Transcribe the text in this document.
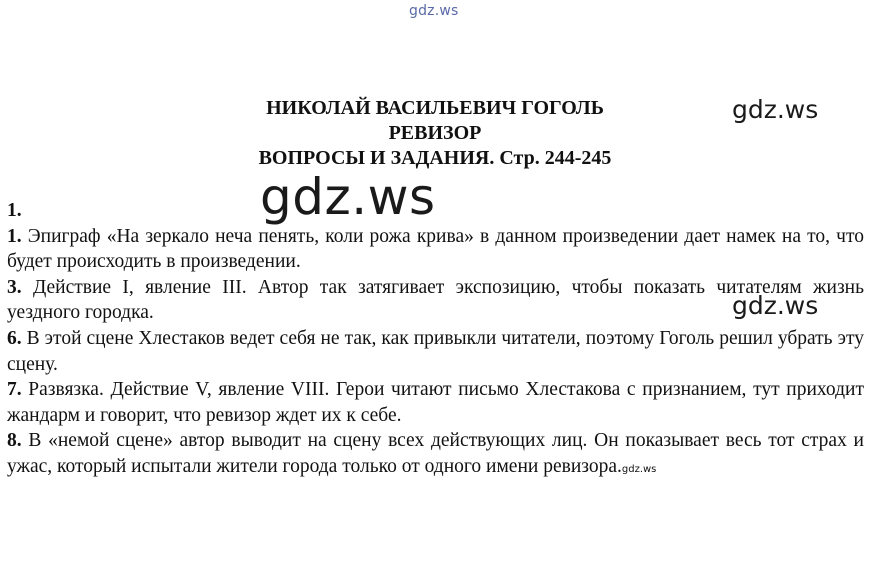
gdz.ws
gdz.ws
gdz.ws
gdz.ws
НИКОЛАЙ ВАСИЛЬЕВИЧ ГОГОЛЬ
РЕВИЗОР
ВОПРОСЫ И ЗАДАНИЯ. Стр. 244-245

1.

1. Эпиграф «На зеркало неча пенять, коли рожа крива» в данном произведении дает намек на то, что будет происходить в произведении.

3. Действие I, явление III. Автор так затягивает экспозицию, чтобы показать читателям жизнь уездного городка.

6. В этой сцене Хлестаков ведет себя не так, как привыкли читатели, поэтому Гоголь решил убрать эту сцену.

7. Развязка. Действие V, явление VIII. Герои читают письмо Хлестакова с признанием, тут приходит жандарм и говорит, что ревизор ждет их к себе.

8. В «немой сцене» автор выводит на сцену всех действующих лиц. Он показывает весь тот страх и ужас, который испытали жители города только от одного имени ревизора.gdz.ws
